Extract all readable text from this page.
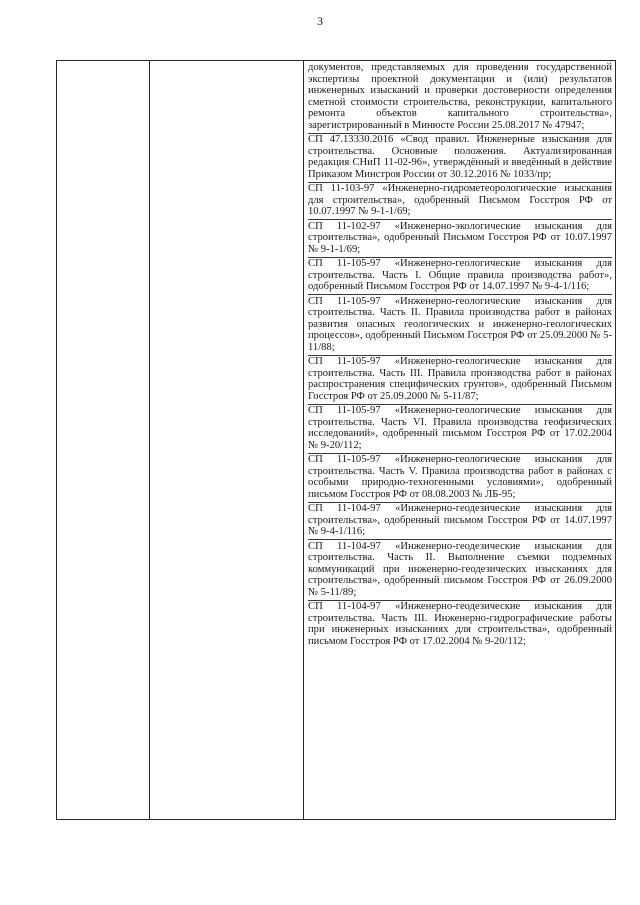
3
документов, представляемых для проведения государственной экспертизы проектной документации и (или) результатов инженерных изысканий и проверки достоверности определения сметной стоимости строительства, реконструкции, капитального ремонта объектов капитального строительства», зарегистрированный в Минюсте России 25.08.2017 № 47947;
СП 47.13330.2016 «Свод правил. Инженерные изыскания для строительства. Основные положения. Актуализированная редакция СНиП 11-02-96», утверждённый и введённый в действие Приказом Минстроя России от 30.12.2016 № 1033/пр;
СП 11-103-97 «Инженерно-гидрометеорологические изыскания для строительства», одобренный Письмом Госстроя РФ от 10.07.1997 № 9-1-1/69;
СП 11-102-97 «Инженерно-экологические изыскания для строительства», одобренный Письмом Госстроя РФ от 10.07.1997 № 9-1-1/69;
СП 11-105-97 «Инженерно-геологические изыскания для строительства. Часть I. Общие правила производства работ», одобренный Письмом Госстроя РФ от 14.07.1997 № 9-4-1/116;
СП 11-105-97 «Инженерно-геологические изыскания для строительства. Часть II. Правила производства работ в районах развития опасных геологических и инженерно-геологических процессов», одобренный Письмом Госстроя РФ от 25.09.2000 № 5-11/88;
СП 11-105-97 «Инженерно-геологические изыскания для строительства. Часть III. Правила производства работ в районах распространения специфических грунтов», одобренный Письмом Госстроя РФ от 25.09.2000 № 5-11/87;
СП 11-105-97 «Инженерно-геологические изыскания для строительства. Часть VI. Правила производства геофизических исследований», одобренный письмом Госстроя РФ от 17.02.2004 № 9-20/112;
СП 11-105-97 «Инженерно-геологические изыскания для строительства. Часть V. Правила производства работ в районах с особыми природно-техногенными условиями», одобренный письмом Госстроя РФ от 08.08.2003 № ЛБ-95;
СП 11-104-97 «Инженерно-геодезические изыскания для строительства», одобренный письмом Госстроя РФ от 14.07.1997 № 9-4-1/116;
СП 11-104-97 «Инженерно-геодезические изыскания для строительства. Часть II. Выполнение съемки подземных коммуникаций при инженерно-геодезических изысканиях для строительства», одобренный письмом Госстроя РФ от 26.09.2000 № 5-11/89;
СП 11-104-97 «Инженерно-геодезические изыскания для строительства. Часть III. Инженерно-гидрографические работы при инженерных изысканиях для строительства», одобренный письмом Госстроя РФ от 17.02.2004 № 9-20/112;
